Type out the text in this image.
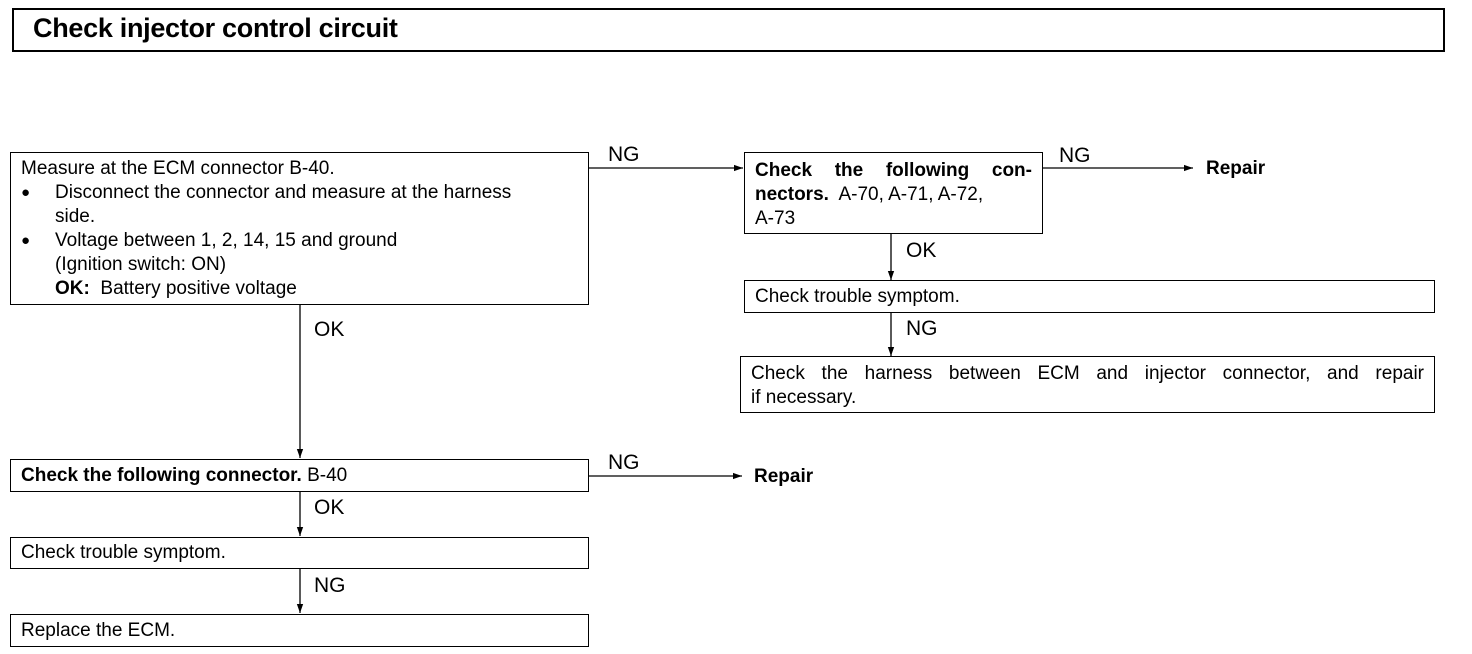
Check injector control circuit
Measure at the ECM connector B-40.
●	Disconnect the connector and measure at the harness
side.
●	Voltage between 1, 2, 14, 15 and ground
(Ignition switch: ON)
OK: Battery positive voltage
Check the following con-
nectors. A-70, A-71, A-72,
A-73
Check trouble symptom.
Check the harness between ECM and injector connector, and repair
if necessary.
Check the following connector. B-40
Check trouble symptom.
Replace the ECM.
NG
OK
NG
OK
NG
NG
OK
NG
Repair
Repair
